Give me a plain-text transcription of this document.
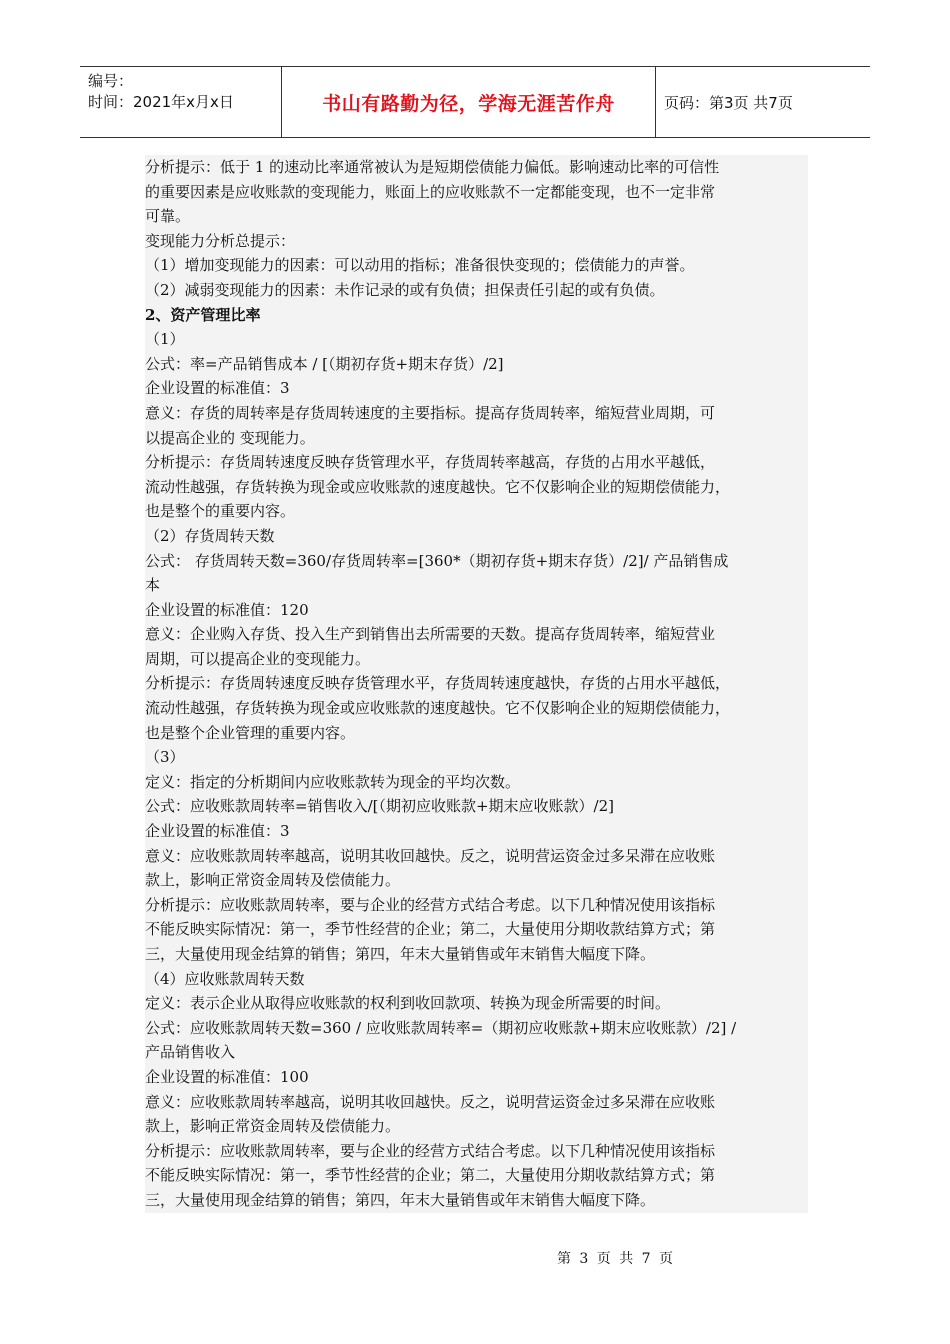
编号：
时间：2021年x月x日	书山有路勤为径，学海无涯苦作舟	页码：第3页 共7页
分析提示：低于 1 的速动比率通常被认为是短期偿债能力偏低。影响速动比率的可信性
的重要因素是应收账款的变现能力，账面上的应收账款不一定都能变现，也不一定非常
可靠。
变现能力分析总提示：
（1）增加变现能力的因素：可以动用的指标；准备很快变现的；偿债能力的声誉。
（2）减弱变现能力的因素：未作记录的或有负债；担保责任引起的或有负债。
2、资产管理比率
（1）
公式：率=产品销售成本 / [（期初存货+期末存货）/2]
企业设置的标准值：3
意义：存货的周转率是存货周转速度的主要指标。提高存货周转率，缩短营业周期，可
以提高企业的 变现能力。
分析提示：存货周转速度反映存货管理水平，存货周转率越高，存货的占用水平越低，
流动性越强，存货转换为现金或应收账款的速度越快。它不仅影响企业的短期偿债能力，
也是整个的重要内容。
（2）存货周转天数
公式： 存货周转天数=360/存货周转率=[360*（期初存货+期末存货）/2]/ 产品销售成
本
企业设置的标准值：120
意义：企业购入存货、投入生产到销售出去所需要的天数。提高存货周转率，缩短营业
周期，可以提高企业的变现能力。
分析提示：存货周转速度反映存货管理水平，存货周转速度越快，存货的占用水平越低，
流动性越强，存货转换为现金或应收账款的速度越快。它不仅影响企业的短期偿债能力，
也是整个企业管理的重要内容。
（3）
定义：指定的分析期间内应收账款转为现金的平均次数。
公式：应收账款周转率=销售收入/[（期初应收账款+期末应收账款）/2]
企业设置的标准值：3
意义：应收账款周转率越高，说明其收回越快。反之，说明营运资金过多呆滞在应收账
款上，影响正常资金周转及偿债能力。
分析提示：应收账款周转率，要与企业的经营方式结合考虑。以下几种情况使用该指标
不能反映实际情况：第一，季节性经营的企业；第二，大量使用分期收款结算方式；第
三，大量使用现金结算的销售；第四，年末大量销售或年末销售大幅度下降。
（4）应收账款周转天数
定义：表示企业从取得应收账款的权利到收回款项、转换为现金所需要的时间。
公式：应收账款周转天数=360 / 应收账款周转率=（期初应收账款+期末应收账款）/2] /
产品销售收入
企业设置的标准值：100
意义：应收账款周转率越高，说明其收回越快。反之，说明营运资金过多呆滞在应收账
款上，影响正常资金周转及偿债能力。
分析提示：应收账款周转率，要与企业的经营方式结合考虑。以下几种情况使用该指标
不能反映实际情况：第一，季节性经营的企业；第二，大量使用分期收款结算方式；第
三，大量使用现金结算的销售；第四，年末大量销售或年末销售大幅度下降。
第 3 页 共 7 页
